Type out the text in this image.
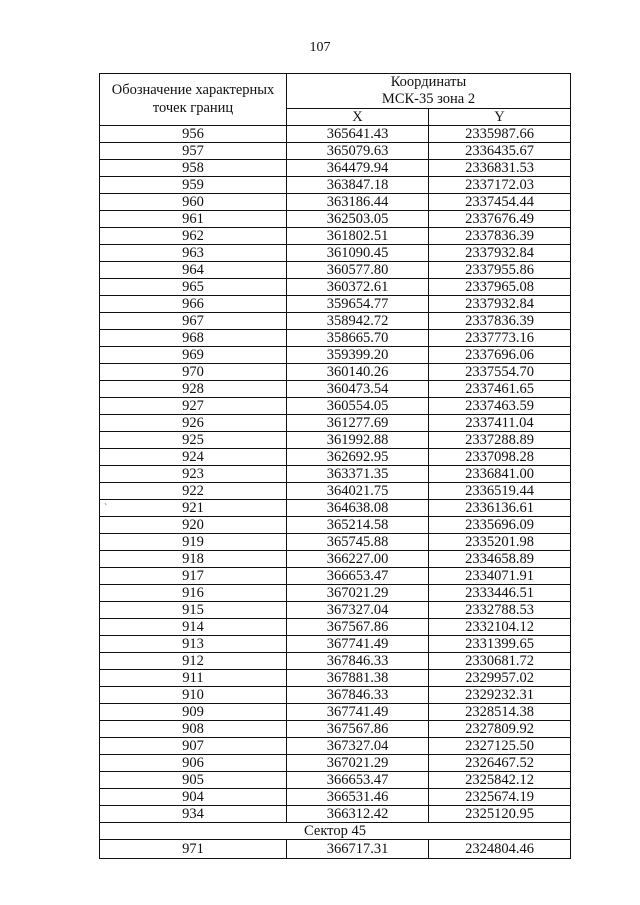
107
Обозначение характерных
точек границ	Координаты
МСК-35 зона 2	
	X	Y
956	365641.43	2335987.66
957	365079.63	2336435.67
958	364479.94	2336831.53
959	363847.18	2337172.03
960	363186.44	2337454.44
961	362503.05	2337676.49
962	361802.51	2337836.39
963	361090.45	2337932.84
964	360577.80	2337955.86
965	360372.61	2337965.08
966	359654.77	2337932.84
967	358942.72	2337836.39
968	358665.70	2337773.16
969	359399.20	2337696.06
970	360140.26	2337554.70
928	360473.54	2337461.65
927	360554.05	2337463.59
926	361277.69	2337411.04
925	361992.88	2337288.89
924	362692.95	2337098.28
923	363371.35	2336841.00
922	364021.75	2336519.44
921	364638.08	2336136.61
920	365214.58	2335696.09
919	365745.88	2335201.98
918	366227.00	2334658.89
917	366653.47	2334071.91
916	367021.29	2333446.51
915	367327.04	2332788.53
914	367567.86	2332104.12
913	367741.49	2331399.65
912	367846.33	2330681.72
911	367881.38	2329957.02
910	367846.33	2329232.31
909	367741.49	2328514.38
908	367567.86	2327809.92
907	367327.04	2327125.50
906	367021.29	2326467.52
905	366653.47	2325842.12
904	366531.46	2325674.19
934	366312.42	2325120.95
Сектор 45		
971	366717.31	2324804.46
`
